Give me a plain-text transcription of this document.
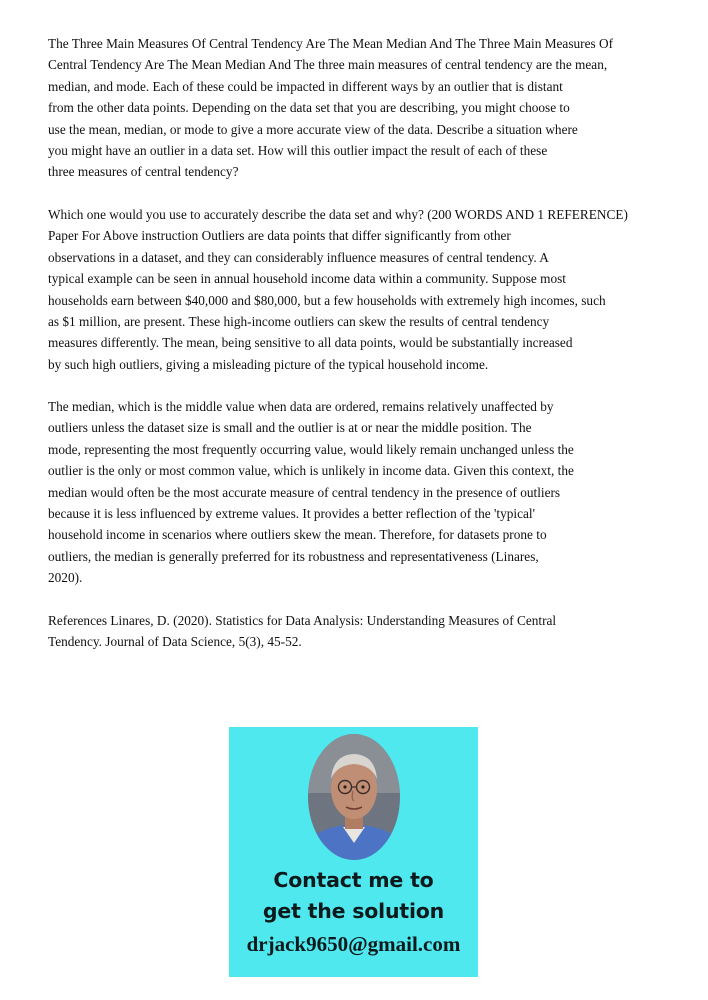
The Three Main Measures Of Central Tendency Are The Mean Median And The Three Main Measures Of
Central Tendency Are The Mean Median And The three main measures of central tendency are the mean,
median, and mode. Each of these could be impacted in different ways by an outlier that is distant
from the other data points. Depending on the data set that you are describing, you might choose to
use the mean, median, or mode to give a more accurate view of the data. Describe a situation where
you might have an outlier in a data set. How will this outlier impact the result of each of these
three measures of central tendency?

Which one would you use to accurately describe the data set and why? (200 WORDS AND 1 REFERENCE)
Paper For Above instruction Outliers are data points that differ significantly from other
observations in a dataset, and they can considerably influence measures of central tendency. A
typical example can be seen in annual household income data within a community. Suppose most
households earn between $40,000 and $80,000, but a few households with extremely high incomes, such
as $1 million, are present. These high-income outliers can skew the results of central tendency
measures differently. The mean, being sensitive to all data points, would be substantially increased
by such high outliers, giving a misleading picture of the typical household income.

The median, which is the middle value when data are ordered, remains relatively unaffected by
outliers unless the dataset size is small and the outlier is at or near the middle position. The
mode, representing the most frequently occurring value, would likely remain unchanged unless the
outlier is the only or most common value, which is unlikely in income data. Given this context, the
median would often be the most accurate measure of central tendency in the presence of outliers
because it is less influenced by extreme values. It provides a better reflection of the 'typical'
household income in scenarios where outliers skew the mean. Therefore, for datasets prone to
outliers, the median is generally preferred for its robustness and representativeness (Linares,
2020).

References Linares, D. (2020). Statistics for Data Analysis: Understanding Measures of Central
Tendency. Journal of Data Science, 5(3), 45-52.

Contact me to
get the solution
drjack9650@gmail.com
